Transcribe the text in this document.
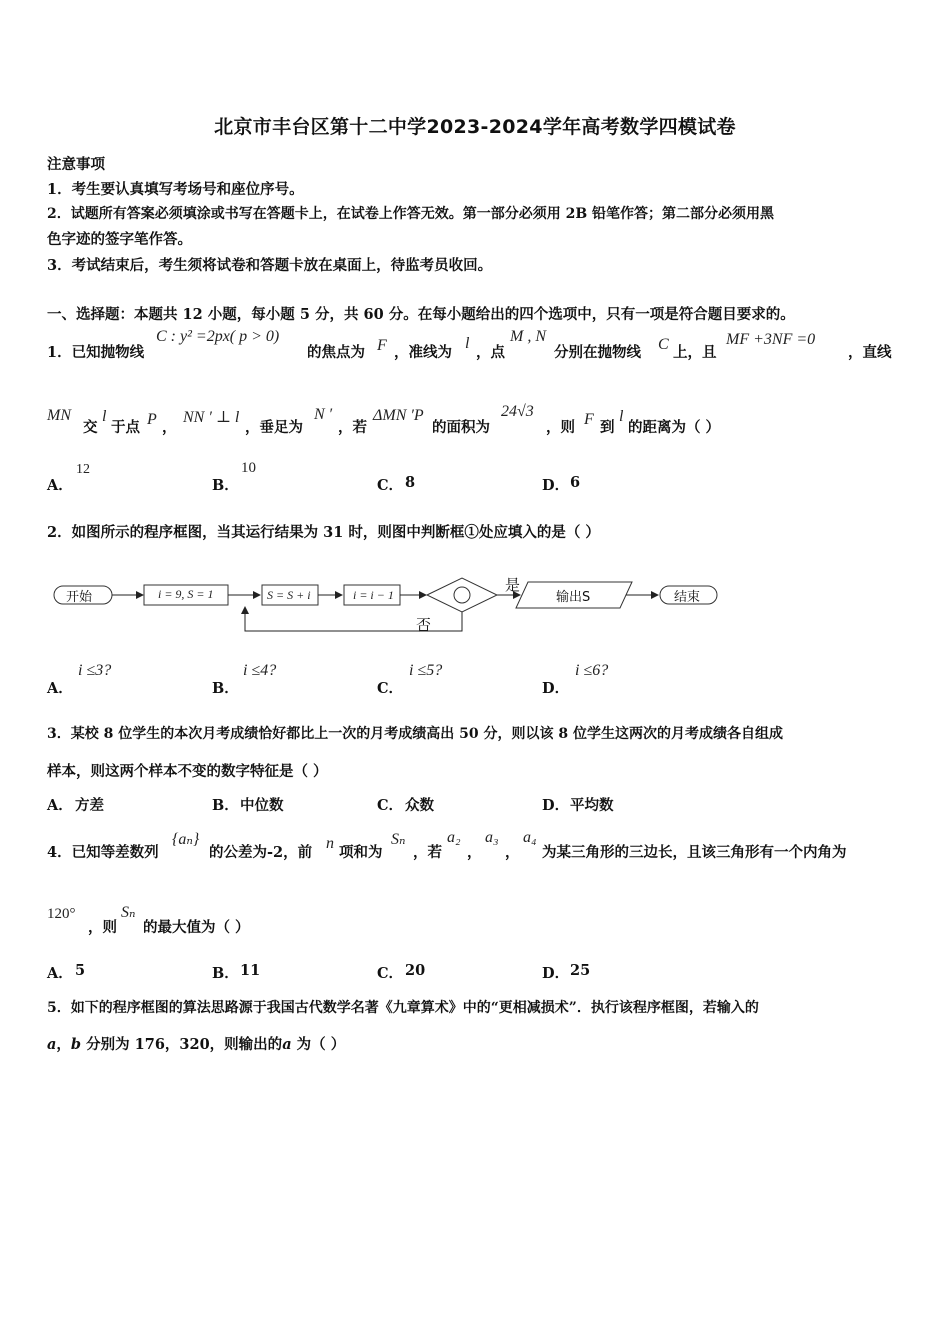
北京市丰台区第十二中学2023-2024学年高考数学四模试卷
注意事项
1．考生要认真填写考场号和座位序号。
2．试题所有答案必须填涂或书写在答题卡上，在试卷上作答无效。第一部分必须用 2B 铅笔作答；第二部分必须用黑
色字迹的签字笔作答。
3．考试结束后，考生须将试卷和答题卡放在桌面上，待监考员收回。
一、选择题：本题共 12 小题，每小题 5 分，共 60 分。在每小题给出的四个选项中，只有一项是符合题目要求的。
1．已知抛物线
C : y² =2px( p > 0)
的焦点为 F ，准线为
l
，点
M , N
分别在抛物线 C 上，且
MF +3NF =0
，直线
MN
交
l
于点 P ，
NN ′ ⊥ l
，垂足为
N ′
，若
ΔMN ′P
的面积为
24√3
，则 F 到
l
的距离为（ ）
A．
12
B．
10
C． 8	D． 6
2．如图所示的程序框图，当其运行结果为 31 时，则图中判断框①处应填入的是（ ）
开始	i = 9, S = 1	S = S + i	i = i − 1
是
否
输出S	结束
A．
i ≤3?
B．
i ≤4?
C．
i ≤5?
D．
i ≤6?
3．某校 8 位学生的本次月考成绩恰好都比上一次的月考成绩高出 50 分，则以该 8 位学生这两次的月考成绩各自组成
样本，则这两个样本不变的数字特征是（ ）
A． 方差	B． 中位数	C． 众数	D． 平均数
4．已知等差数列
{aₙ}
的公差为-2，前
n
项和为
Sₙ
，若
a₂
，
a₃
，
a₄
为某三角形的三边长，且该三角形有一个内角为
120°
，则
Sₙ
的最大值为（ ）
A． 5	B． 11	C． 20	D． 25
5．如下的程序框图的算法思路源于我国古代数学名著《九章算术》中的“更相减损术”．执行该程序框图，若输入的
a，b 分别为 176，320，则输出的a 为（ ）
